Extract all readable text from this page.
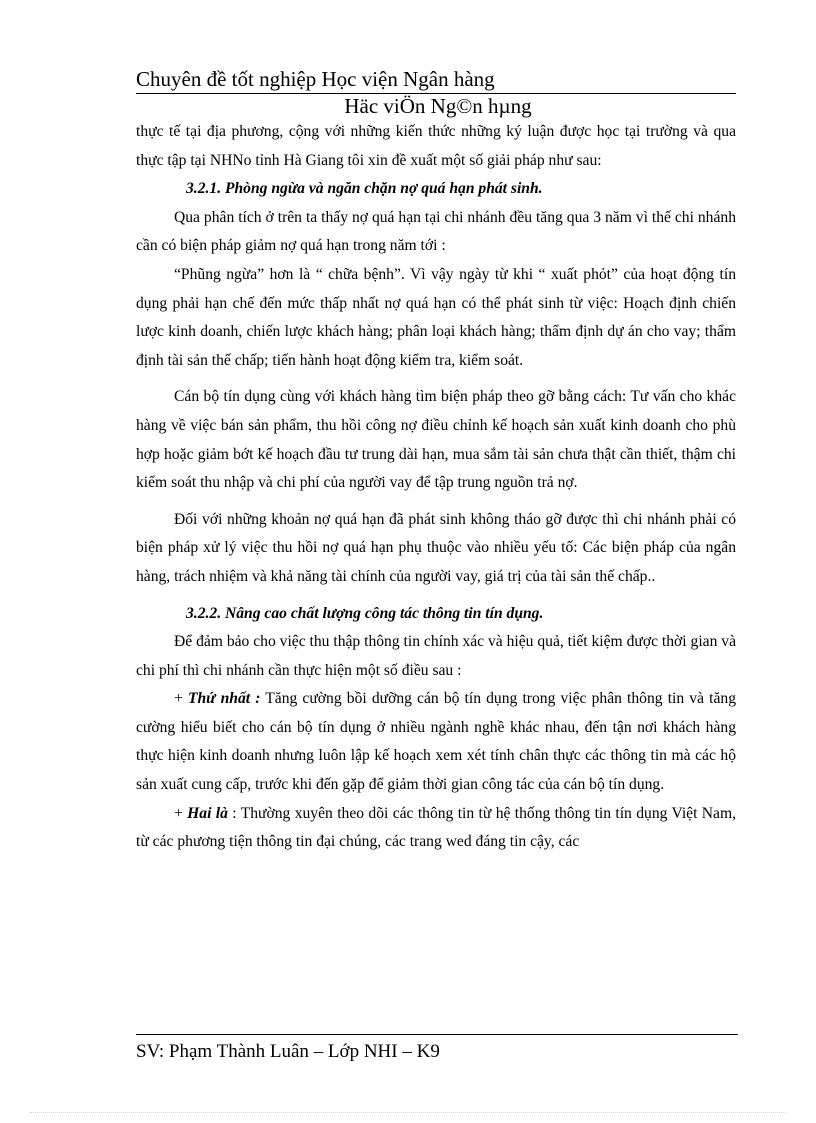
Chuyên đề tốt nghiệp Học viện Ngân hàng
Häc viÖn Ng©n hµng

thực tế tại địa phương, cộng với những kiến thức những ký luận được học tại trường và qua thực tập tại NHNo tỉnh Hà Giang tôi xin đề xuất một số giải pháp như sau:

3.2.1. Phòng ngừa và ngăn chặn nợ quá hạn phát sinh.

Qua phân tích ở trên ta thấy nợ quá hạn tại chi nhánh đều tăng qua 3 năm vì thế chi nhánh cần có biện pháp giảm nợ quá hạn trong năm tới :

“Phũng ngừa” hơn là “ chữa bệnh”. Vì vậy ngày từ khi “ xuất phỏt” của hoạt động tín dụng phải hạn chế đến mức thấp nhất nợ quá hạn có thể phát sinh từ việc: Hoạch định chiến lược kinh doanh, chiến lược khách hàng; phân loại khách hàng; thẩm định dự án cho vay; thẩm định tài sản thế chấp; tiến hành hoạt động kiểm tra, kiểm soát.

Cán bộ tín dụng cùng với khách hàng tìm biện pháp theo gỡ bằng cách: Tư vấn cho khác hàng về việc bán sản phẩm, thu hồi công nợ điều chỉnh kế hoạch sản xuất kinh doanh cho phù hợp hoặc giảm bớt kế hoạch đầu tư trung dài hạn, mua sắm tài sản chưa thật cần thiết, thậm chi kiểm soát thu nhập và chi phí của người vay để tập trung nguồn trả nợ.

Đối với những khoản nợ quá hạn đã phát sinh không tháo gỡ được thì chi nhánh phải có biện pháp xử lý việc thu hồi nợ quá hạn phụ thuộc vào nhiều yếu tố: Các biện pháp của ngân hàng, trách nhiệm và khả năng tài chính của người vay, giá trị của tài sản thế chấp..

3.2.2. Nâng cao chất lượng công tác thông tin tín dụng.

Để đảm bảo cho việc thu thập thông tin chính xác và hiệu quả, tiết kiệm được thời gian và chi phí thì chi nhánh cần thực hiện một số điều sau :

+ Thứ nhất : Tăng cường bồi dưỡng cán bộ tín dụng trong việc phân thông tin và tăng cường hiểu biết cho cán bộ tín dụng ở nhiều ngành nghề khác nhau, đến tận nơi khách hàng thực hiện kinh doanh nhưng luôn lập kế hoạch xem xét tính chân thực các thông tin mà các hộ sản xuất cung cấp, trước khi đến gặp để giảm thời gian công tác của cán bộ tín dụng.

+ Hai là : Thường xuyên theo dõi các thông tin từ hệ thống thông tin tín dụng Việt Nam, từ các phương tiện thông tin đại chúng, các trang wed đáng tin cậy, các

SV: Phạm Thành Luân – Lớp NHI – K9
